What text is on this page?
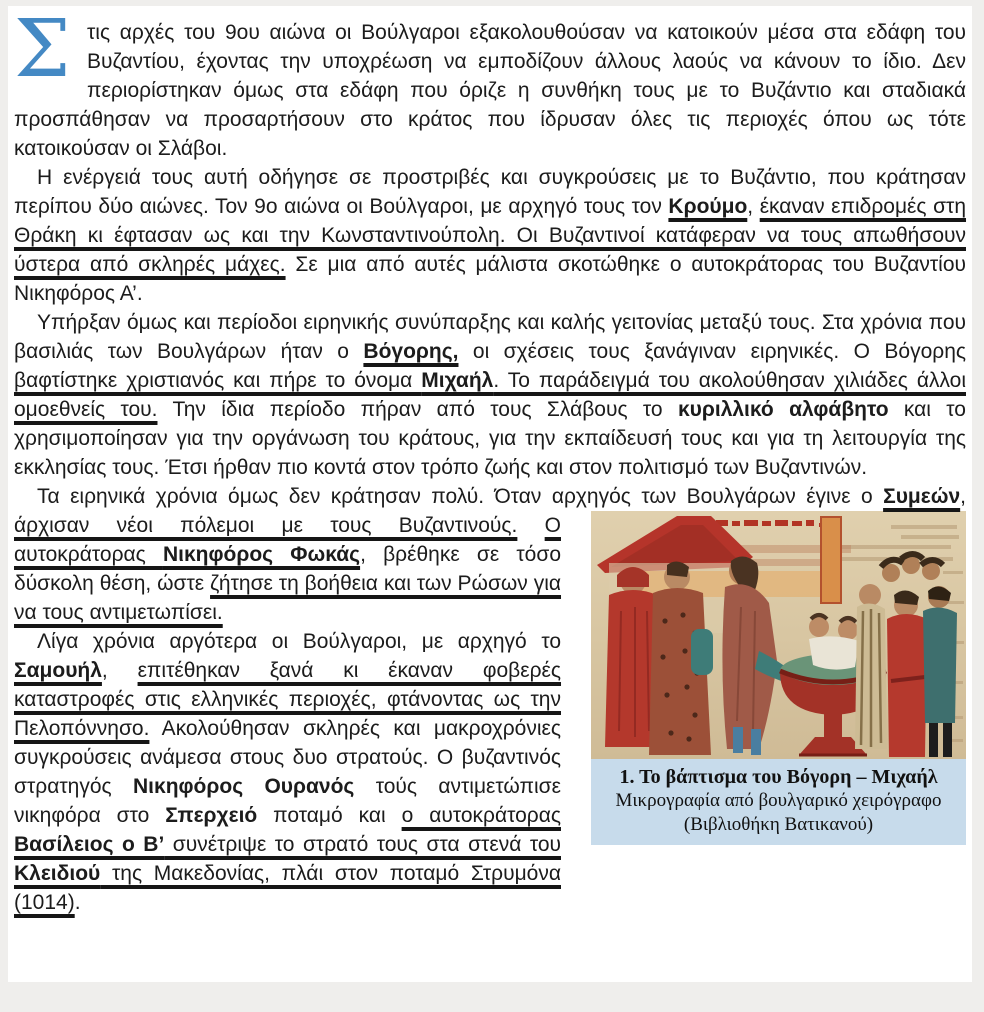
Σ τις αρχές του 9ου αιώνα οι Βούλγαροι εξακολουθούσαν να κατοικούν μέσα στα εδάφη του Βυζαντίου, έχοντας την υποχρέωση να εμποδίζουν άλλους λαούς να κάνουν το ίδιο. Δεν περιορίστηκαν όμως στα εδάφη που όριζε η συνθήκη τους με το Βυζάντιο και σταδιακά προσπάθησαν να προσαρτήσουν στο κράτος που ίδρυσαν όλες τις περιοχές όπου ως τότε κατοικούσαν οι Σλάβοι.
Η ενέργειά τους αυτή οδήγησε σε προστριβές και συγκρούσεις με το Βυζάντιο, που κράτησαν περίπου δύο αιώνες. Τον 9ο αιώνα οι Βούλγαροι, με αρχηγό τους τον Κρούμο, έκαναν επιδρομές στη Θράκη κι έφτασαν ως και την Κωνσταντινούπολη. Οι Βυζαντινοί κατάφεραν να τους απωθήσουν ύστερα από σκληρές μάχες. Σε μια από αυτές μάλιστα σκοτώθηκε ο αυτοκράτορας του Βυζαντίου Νικηφόρος Α’.
Υπήρξαν όμως και περίοδοι ειρηνικής συνύπαρξης και καλής γειτονίας μεταξύ τους. Στα χρόνια που βασιλιάς των Βουλγάρων ήταν ο Βόγορης, οι σχέσεις τους ξανάγιναν ειρηνικές. Ο Βόγορης βαφτίστηκε χριστιανός και πήρε το όνομα Μιχαήλ. Το παράδειγμά του ακολούθησαν χιλιάδες άλλοι ομοεθνείς του. Την ίδια περίοδο πήραν από τους Σλάβους το κυριλλικό αλφάβητο και το χρησιμοποίησαν για την οργάνωση του κράτους, για την εκπαίδευσή τους και για τη λειτουργία της εκκλησίας τους. Έτσι ήρθαν πιο κοντά στον τρόπο ζωής και στον πολιτισμό των Βυζαντινών.
Τα ειρηνικά χρόνια όμως δεν κράτησαν πολύ. Όταν αρχηγός των Βουλγάρων έγινε ο
1. Το βάπτισμα του Βόγορη – Μιχαήλ
Μικρογραφία από βουλγαρικό χειρόγραφο
(Βιβλιοθήκη Βατικανού)
Συμεών, άρχισαν νέοι πόλεμοι με τους Βυζαντινούς. Ο αυτοκράτορας Νικηφόρος Φωκάς, βρέθηκε σε τόσο δύσκολη θέση, ώστε ζήτησε τη βοήθεια και των Ρώσων για να τους αντιμετωπίσει.
Λίγα χρόνια αργότερα οι Βούλγαροι, με αρχηγό το Σαμουήλ, επιτέθηκαν ξανά κι έκαναν φοβερές καταστροφές στις ελληνικές περιοχές, φτάνοντας ως την Πελοπόννησο. Ακολούθησαν σκληρές και μακροχρόνιες συγκρούσεις ανάμεσα στους δυο στρατούς. Ο βυζαντινός στρατηγός Νικηφόρος Ουρανός τούς αντιμετώπισε νικηφόρα στο Σπερχειό ποταμό και ο αυτοκράτορας Βασίλειος ο Β’ συνέτριψε το στρατό τους στα στενά του Κλειδιού της Μακεδονίας, πλάι στον ποταμό Στρυμόνα (1014).
